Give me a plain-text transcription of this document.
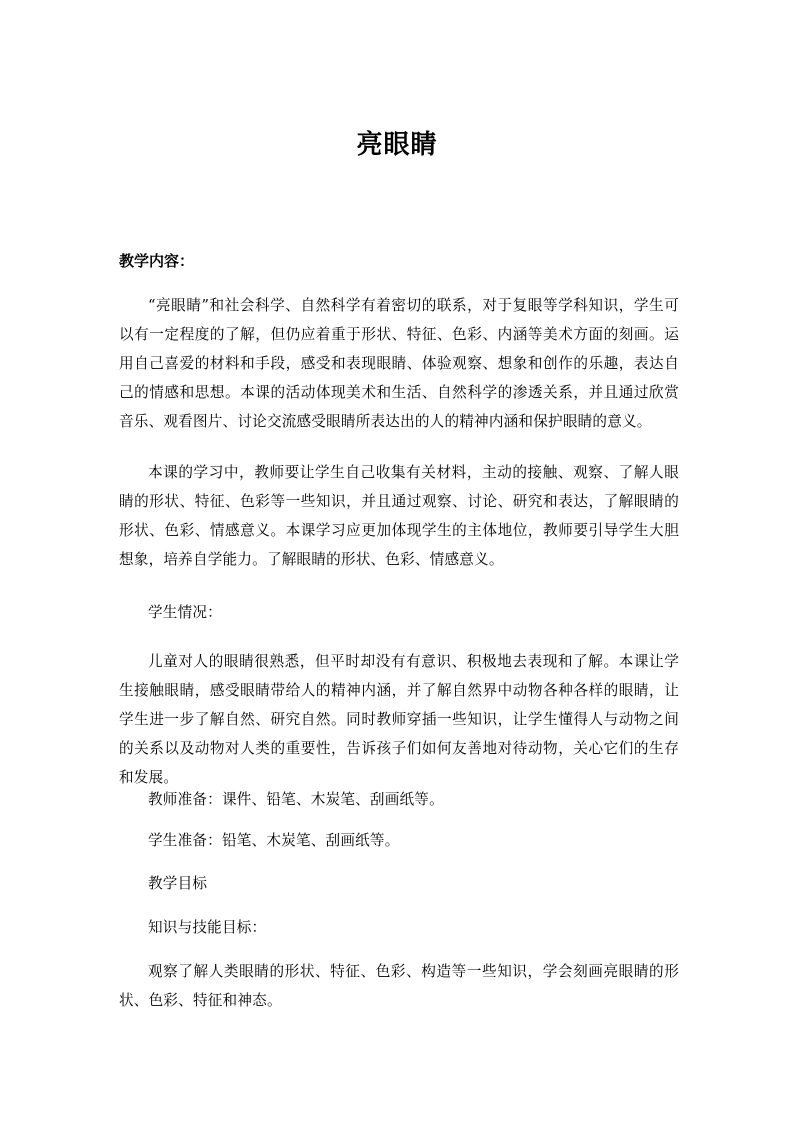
亮眼睛
教学内容：

“亮眼睛”和社会科学、自然科学有着密切的联系，对于复眼等学科知识，学生可以有一定程度的了解，但仍应着重于形状、特征、色彩、内涵等美术方面的刻画。运用自己喜爱的材料和手段，感受和表现眼睛、体验观察、想象和创作的乐趣，表达自己的情感和思想。本课的活动体现美术和生活、自然科学的渗透关系，并且通过欣赏音乐、观看图片、讨论交流感受眼睛所表达出的人的精神内涵和保护眼睛的意义。

本课的学习中，教师要让学生自己收集有关材料，主动的接触、观察、了解人眼睛的形状、特征、色彩等一些知识，并且通过观察、讨论、研究和表达，了解眼睛的形状、色彩、情感意义。本课学习应更加体现学生的主体地位，教师要引导学生大胆想象，培养自学能力。了解眼睛的形状、色彩、情感意义。

学生情况：

儿童对人的眼睛很熟悉，但平时却没有有意识、积极地去表现和了解。本课让学生接触眼睛，感受眼睛带给人的精神内涵，并了解自然界中动物各种各样的眼睛，让学生进一步了解自然、研究自然。同时教师穿插一些知识，让学生懂得人与动物之间的关系以及动物对人类的重要性，告诉孩子们如何友善地对待动物，关心它们的生存和发展。

教师准备：课件、铅笔、木炭笔、刮画纸等。

学生准备：铅笔、木炭笔、刮画纸等。

教学目标

知识与技能目标：

观察了解人类眼睛的形状、特征、色彩、构造等一些知识，学会刻画亮眼睛的形状、色彩、特征和神态。
